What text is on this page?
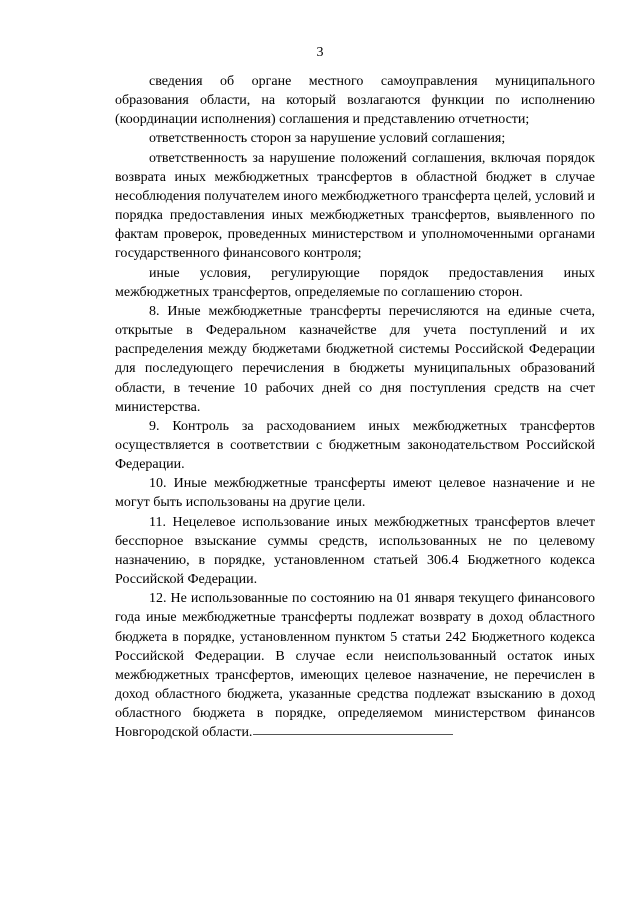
3

сведения об органе местного самоуправления муниципального образования области, на который возлагаются функции по исполнению (координации исполнения) соглашения и представлению отчетности;

ответственность сторон за нарушение условий соглашения;

ответственность за нарушение положений соглашения, включая порядок возврата иных межбюджетных трансфертов в областной бюджет в случае несоблюдения получателем иного межбюджетного трансферта целей, условий и порядка предоставления иных межбюджетных трансфертов, выявленного по фактам проверок, проведенных министерством и уполномоченными органами государственного финансового контроля;

иные условия, регулирующие порядок предоставления иных межбюджетных трансфертов, определяемые по соглашению сторон.

8. Иные межбюджетные трансферты перечисляются на единые счета, открытые в Федеральном казначействе для учета поступлений и их распределения между бюджетами бюджетной системы Российской Федерации для последующего перечисления в бюджеты муниципальных образований области, в течение 10 рабочих дней со дня поступления средств на счет министерства.

9. Контроль за расходованием иных межбюджетных трансфертов осуществляется в соответствии с бюджетным законодательством Российской Федерации.

10. Иные межбюджетные трансферты имеют целевое назначение и не могут быть использованы на другие цели.

11. Нецелевое использование иных межбюджетных трансфертов влечет бесспорное взыскание суммы средств, использованных не по целевому назначению, в порядке, установленном статьей 306.4 Бюджетного кодекса Российской Федерации.

12. Не использованные по состоянию на 01 января текущего финансового года иные межбюджетные трансферты подлежат возврату в доход областного бюджета в порядке, установленном пунктом 5 статьи 242 Бюджетного кодекса Российской Федерации. В случае если неиспользованный остаток иных межбюджетных трансфертов, имеющих целевое назначение, не перечислен в доход областного бюджета, указанные средства подлежат взысканию в доход областного бюджета в порядке, определяемом министерством финансов Новгородской области.
